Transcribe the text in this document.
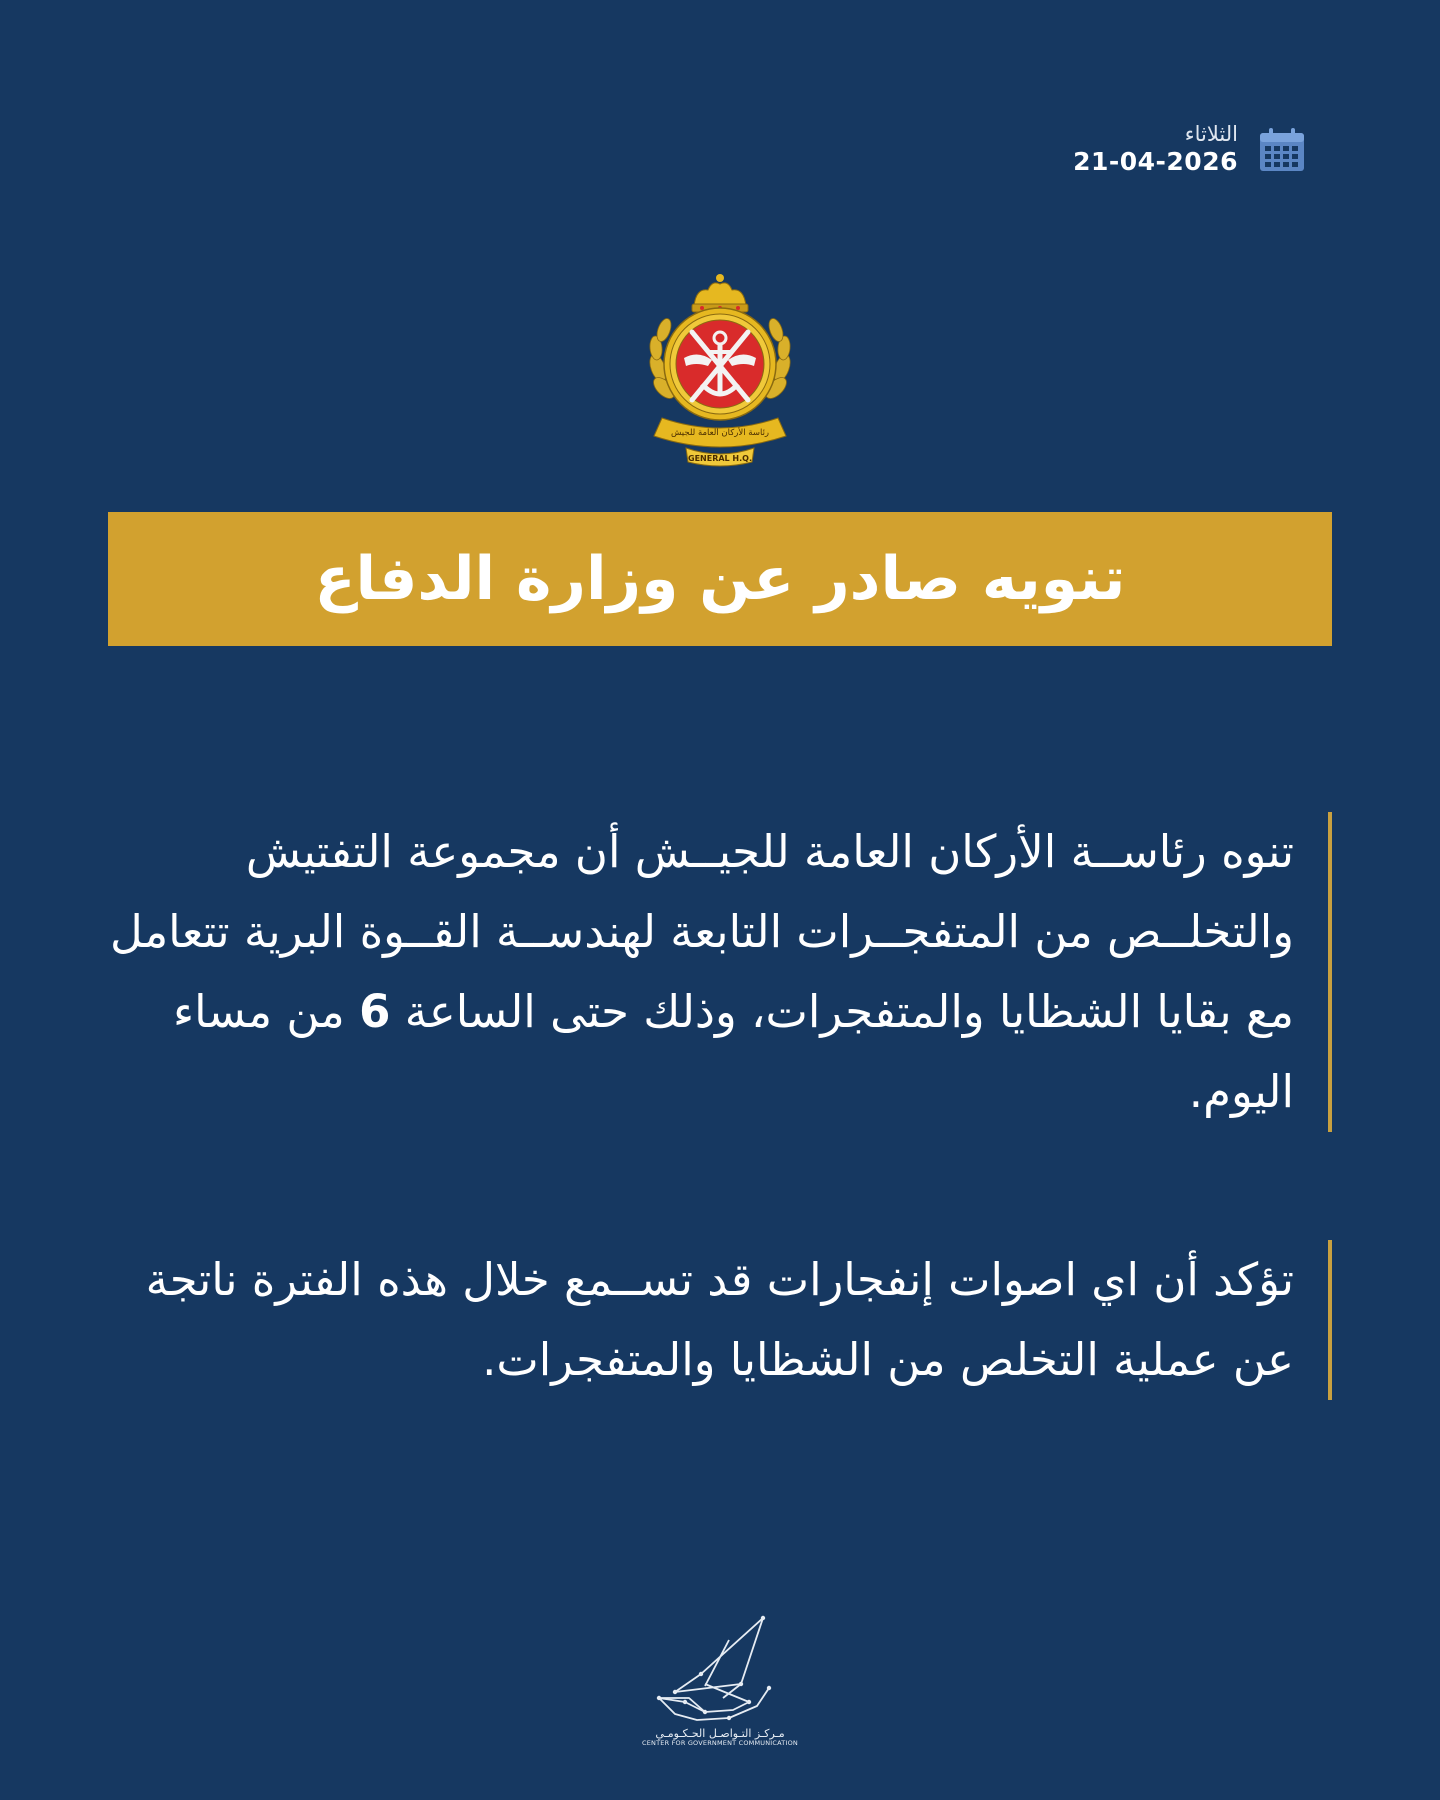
الثلاثاء
21-04-2026
رئاسة الأركان العامة للجيش
GENERAL H.Q.
تنويه صادر عن وزارة الدفاع
تنوه رئاســة الأركان العامة للجيــش أن مجموعة التفتيش والتخلــص من المتفجــرات التابعة لهندســة القــوة البرية تتعامل مع بقايا الشظايا والمتفجرات، وذلك حتى الساعة 6 من مساء اليوم.
تؤكد أن اي اصوات إنفجارات قد تســمع خلال هذه الفترة ناتجة عن عملية التخلص من الشظايا والمتفجرات.
مـركـز التـواصـل الحـكـومـي
CENTER FOR GOVERNMENT COMMUNICATION
